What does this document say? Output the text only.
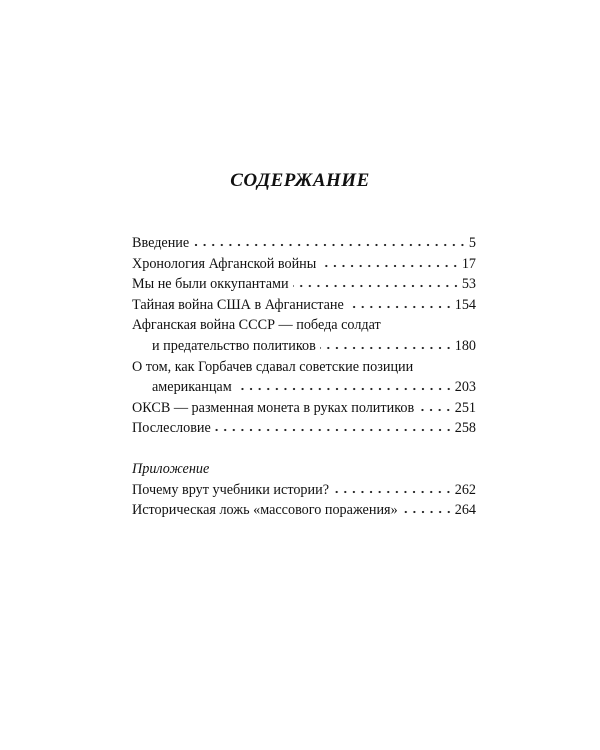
СОДЕРЖАНИЕ
Введение	5
Хронология Афганской войны	17
Мы не были оккупантами	53
Тайная война США в Афганистане	154
Афганская война СССР — победа солдат
и предательство политиков	180
О том, как Горбачев сдавал советские позиции
американцам	203
ОКСВ — разменная монета в руках политиков	251
Послесловие	258
Приложение
Почему врут учебники истории?	262
Историческая ложь «массового поражения»	264
